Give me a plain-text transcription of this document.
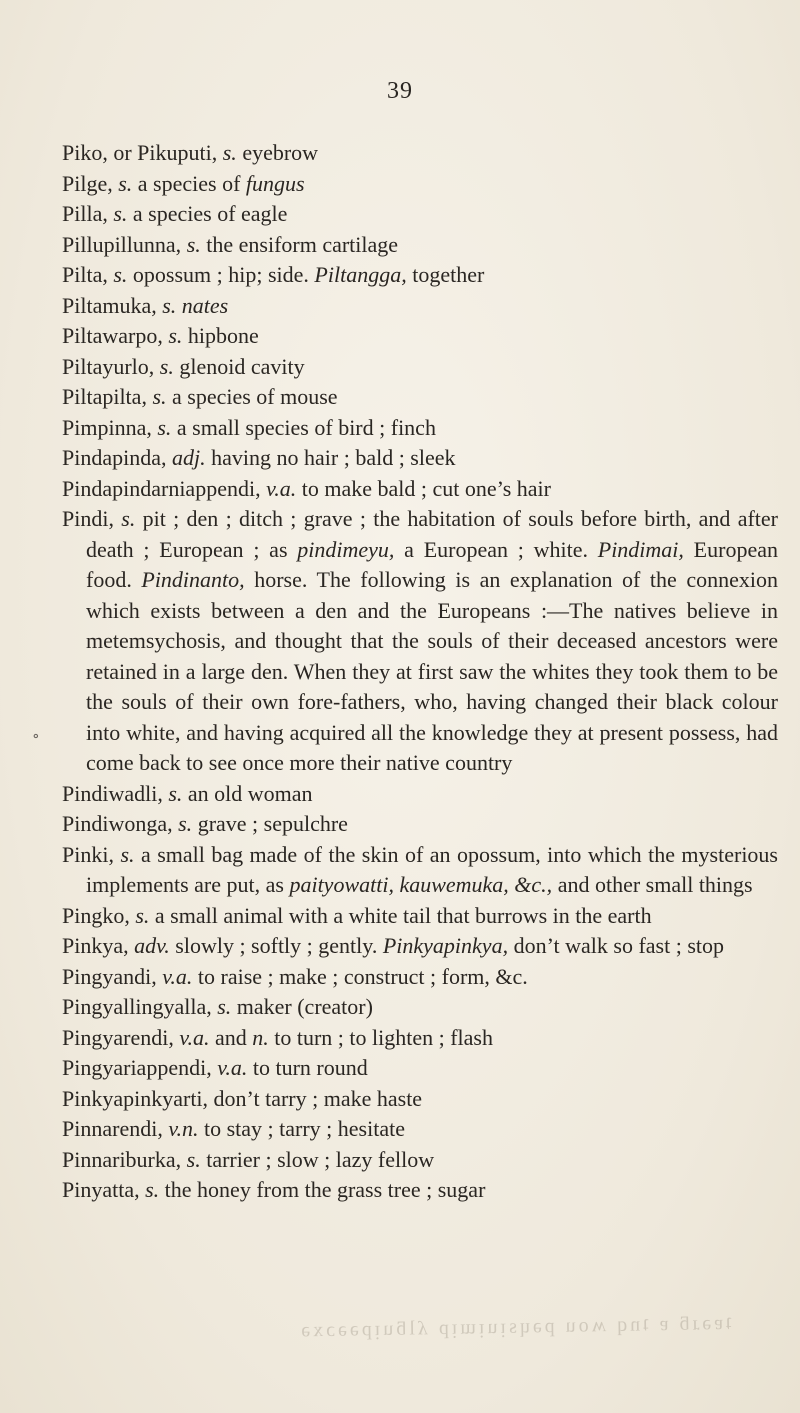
39
∘

Piko, or Pikuputi, s. eyebrow

Pilge, s. a species of fungus

Pilla, s. a species of eagle

Pillupillunna, s. the ensiform cartilage

Pilta, s. opossum ; hip; side. Piltangga, together

Piltamuka, s. nates

Piltawarpo, s. hipbone

Piltayurlo, s. glenoid cavity

Piltapilta, s. a species of mouse

Pimpinna, s. a small species of bird ; finch

Pindapinda, adj. having no hair ; bald ; sleek

Pindapindarniappendi, v.a. to make bald ; cut one’s hair

Pindi, s. pit ; den ; ditch ; grave ; the habitation of souls before birth, and after death ; European ; as pindimeyu, a European ; white. Pindimai, European food. Pindinanto, horse. The following is an explanation of the connexion which exists between a den and the Europeans :—The natives believe in metemsychosis, and thought that the souls of their deceased ancestors were retained in a large den. When they at first saw the whites they took them to be the souls of their own fore-fathers, who, having changed their black colour into white, and having acquired all the knowledge they at present possess, had come back to see once more their native country

Pindiwadli, s. an old woman

Pindiwonga, s. grave ; sepulchre

Pinki, s. a small bag made of the skin of an opossum, into which the mysterious implements are put, as paityowatti, kauwemuka, &c., and other small things

Pingko, s. a small animal with a white tail that burrows in the earth

Pinkya, adv. slowly ; softly ; gently. Pinkyapinkya, don’t walk so fast ; stop

Pingyandi, v.a. to raise ; make ; construct ; form, &c.

Pingyallingyalla, s. maker (creator)

Pingyarendi, v.a. and n. to turn ; to lighten ; flash

Pingyariappendi, v.a. to turn round

Pinkyapinkyarti, don’t tarry ; make haste

Pinnarendi, v.n. to stay ; tarry ; hesitate

Pinnariburka, s. tarrier ; slow ; lazy fellow

Pinyatta, s. the honey from the grass tree ; sugar

ʇɐǝɹƃ ɐ ʇnq ʍou pǝɥsᴉuᴉɯᴉp ʎlƃuᴉpǝǝɔxǝ
